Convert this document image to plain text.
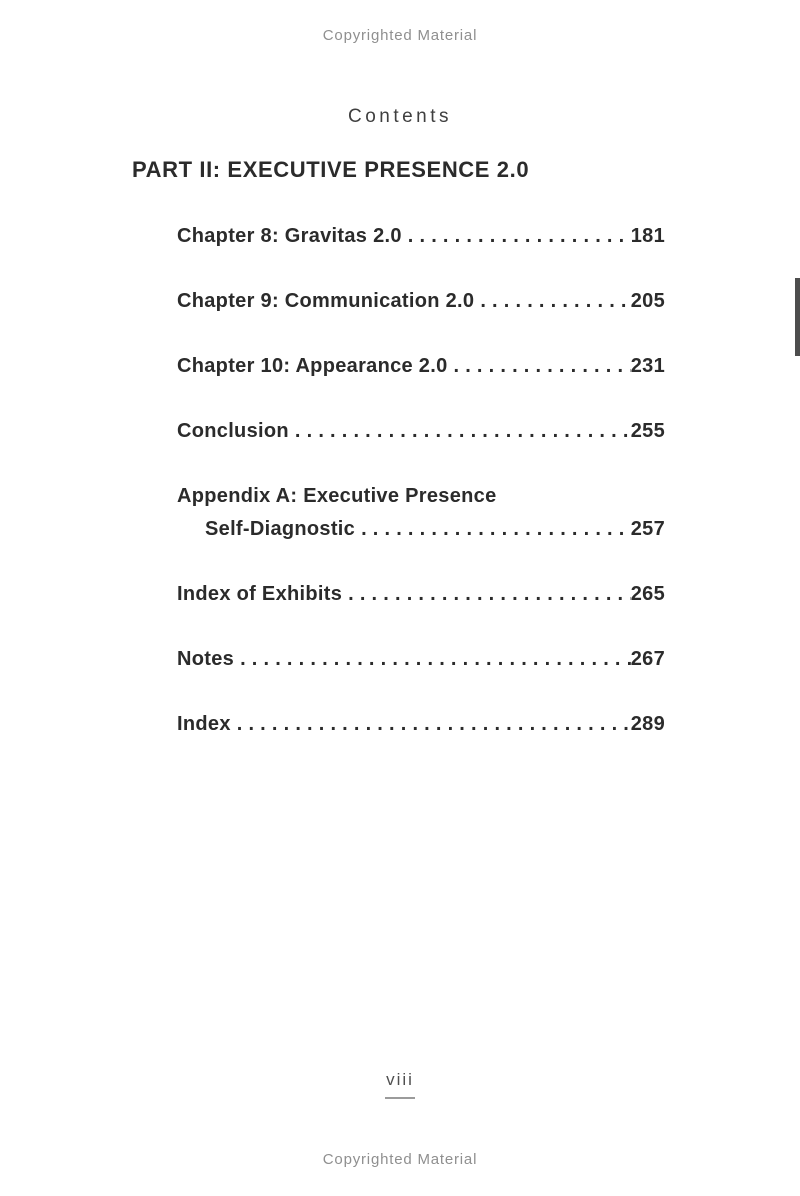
Copyrighted Material
Contents
PART II: EXECUTIVE PRESENCE 2.0
Chapter 8: Gravitas 2.0 . . .	181
Chapter 9: Communication 2.0 . . .	205
Chapter 10: Appearance 2.0 . . .	231
Conclusion . . .	255
Appendix A: Executive Presence
Self-Diagnostic . . .	257
Index of Exhibits . . .	265
Notes . . .	267
Index . . .	289
viii
Copyrighted Material
